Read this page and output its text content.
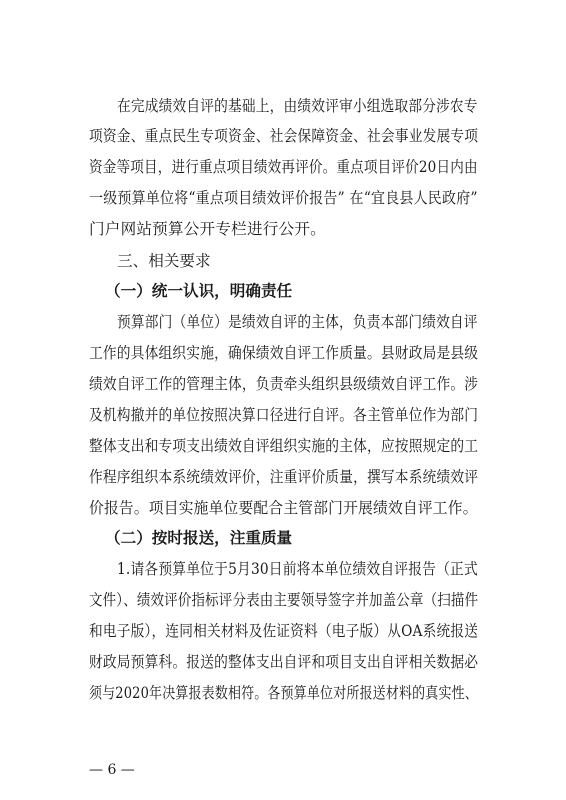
在完成绩效自评的基础上，由绩效评审小组选取部分涉农专
项资金、重点民生专项资金、社会保障资金、社会事业发展专项
资金等项目，进行重点项目绩效再评价。重点项目评价20日内由
一级预算单位将“重点项目绩效评价报告” 在“宜良县人民政府”
门户网站预算公开专栏进行公开。
三、相关要求
（一）统一认识，明确责任
预算部门（单位）是绩效自评的主体，负责本部门绩效自评
工作的具体组织实施，确保绩效自评工作质量。县财政局是县级
绩效自评工作的管理主体，负责牵头组织县级绩效自评工作。涉
及机构撤并的单位按照决算口径进行自评。各主管单位作为部门
整体支出和专项支出绩效自评组织实施的主体，应按照规定的工
作程序组织本系统绩效评价，注重评价质量，撰写本系统绩效评
价报告。项目实施单位要配合主管部门开展绩效自评工作。
（二）按时报送，注重质量
1.请各预算单位于5月30日前将本单位绩效自评报告（正式
文件）、绩效评价指标评分表由主要领导签字并加盖公章（扫描件
和电子版），连同相关材料及佐证资料（电子版）从OA系统报送
财政局预算科。报送的整体支出自评和项目支出自评相关数据必
须与2020年决算报表数相符。各预算单位对所报送材料的真实性、
— 6 —
